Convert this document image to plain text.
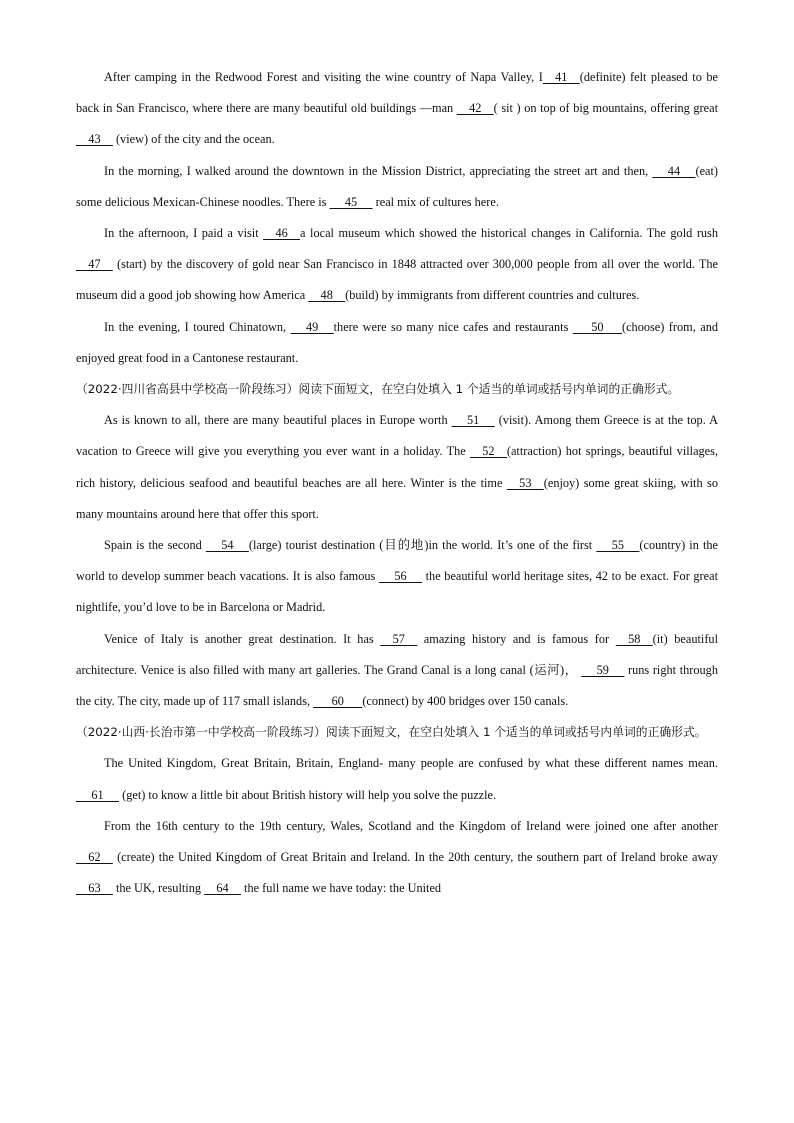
After camping in the Redwood Forest and visiting the wine country of Napa Valley, I    41    (definite) felt pleased to be back in San Francisco, where there are many beautiful old buildings —man     42    ( sit ) on top of big mountains, offering great     43     (view) of the city and the ocean.

In the morning, I walked around the downtown in the Mission District, appreciating the street art and then,      44     (eat) some delicious Mexican-Chinese noodles. There is      45      real mix of cultures here.

In the afternoon, I paid a visit     46    a local museum which showed the historical changes in California. The gold rush     47     (start) by the discovery of gold near San Francisco in 1848 attracted over 300,000 people from all over the world. The museum did a good job showing how America     48    (build) by immigrants from different countries and cultures.

In the evening, I toured Chinatown,      49     there were so many nice cafes and restaurants       50      (choose) from, and enjoyed great food in a Cantonese restaurant.

（2022·四川省高县中学校高一阶段练习）阅读下面短文，在空白处填入 1 个适当的单词或括号内单词的正确形式。

As is known to all, there are many beautiful places in Europe worth      51      (visit). Among them Greece is at the top. A vacation to Greece will give you everything you ever want in a holiday. The     52    (attraction) hot springs, beautiful villages, rich history, delicious seafood and beautiful beaches are all here. Winter is the time     53    (enjoy) some great skiing, with so many mountains around here that offer this sport.

Spain is the second      54     (large) tourist destination (目的地)in the world. It’s one of the first      55     (country) in the world to develop summer beach vacations. It is also famous      56      the beautiful world heritage sites, 42 to be exact. For great nightlife, you’d love to be in Barcelona or Madrid.

Venice of Italy is another great destination. It has     57     amazing history and is famous for     58    (it) beautiful architecture. Venice is also filled with many art galleries. The Grand Canal is a long canal (运河)，      59      runs right through the city. The city, made up of 117 small islands,       60      (connect) by 400 bridges over 150 canals.

（2022·山西·长治市第一中学校高一阶段练习）阅读下面短文，在空白处填入 1 个适当的单词或括号内单词的正确形式。

The United Kingdom, Great Britain, Britain, England- many people are confused by what these different names mean.      61      (get) to know a little bit about British history will help you solve the puzzle.

From the 16th century to the 19th century, Wales, Scotland and the Kingdom of Ireland were joined one after another     62     (create) the United Kingdom of Great Britain and Ireland. In the 20th century, the southern part of Ireland broke away     63     the UK, resulting     64     the full name we have today: the United
